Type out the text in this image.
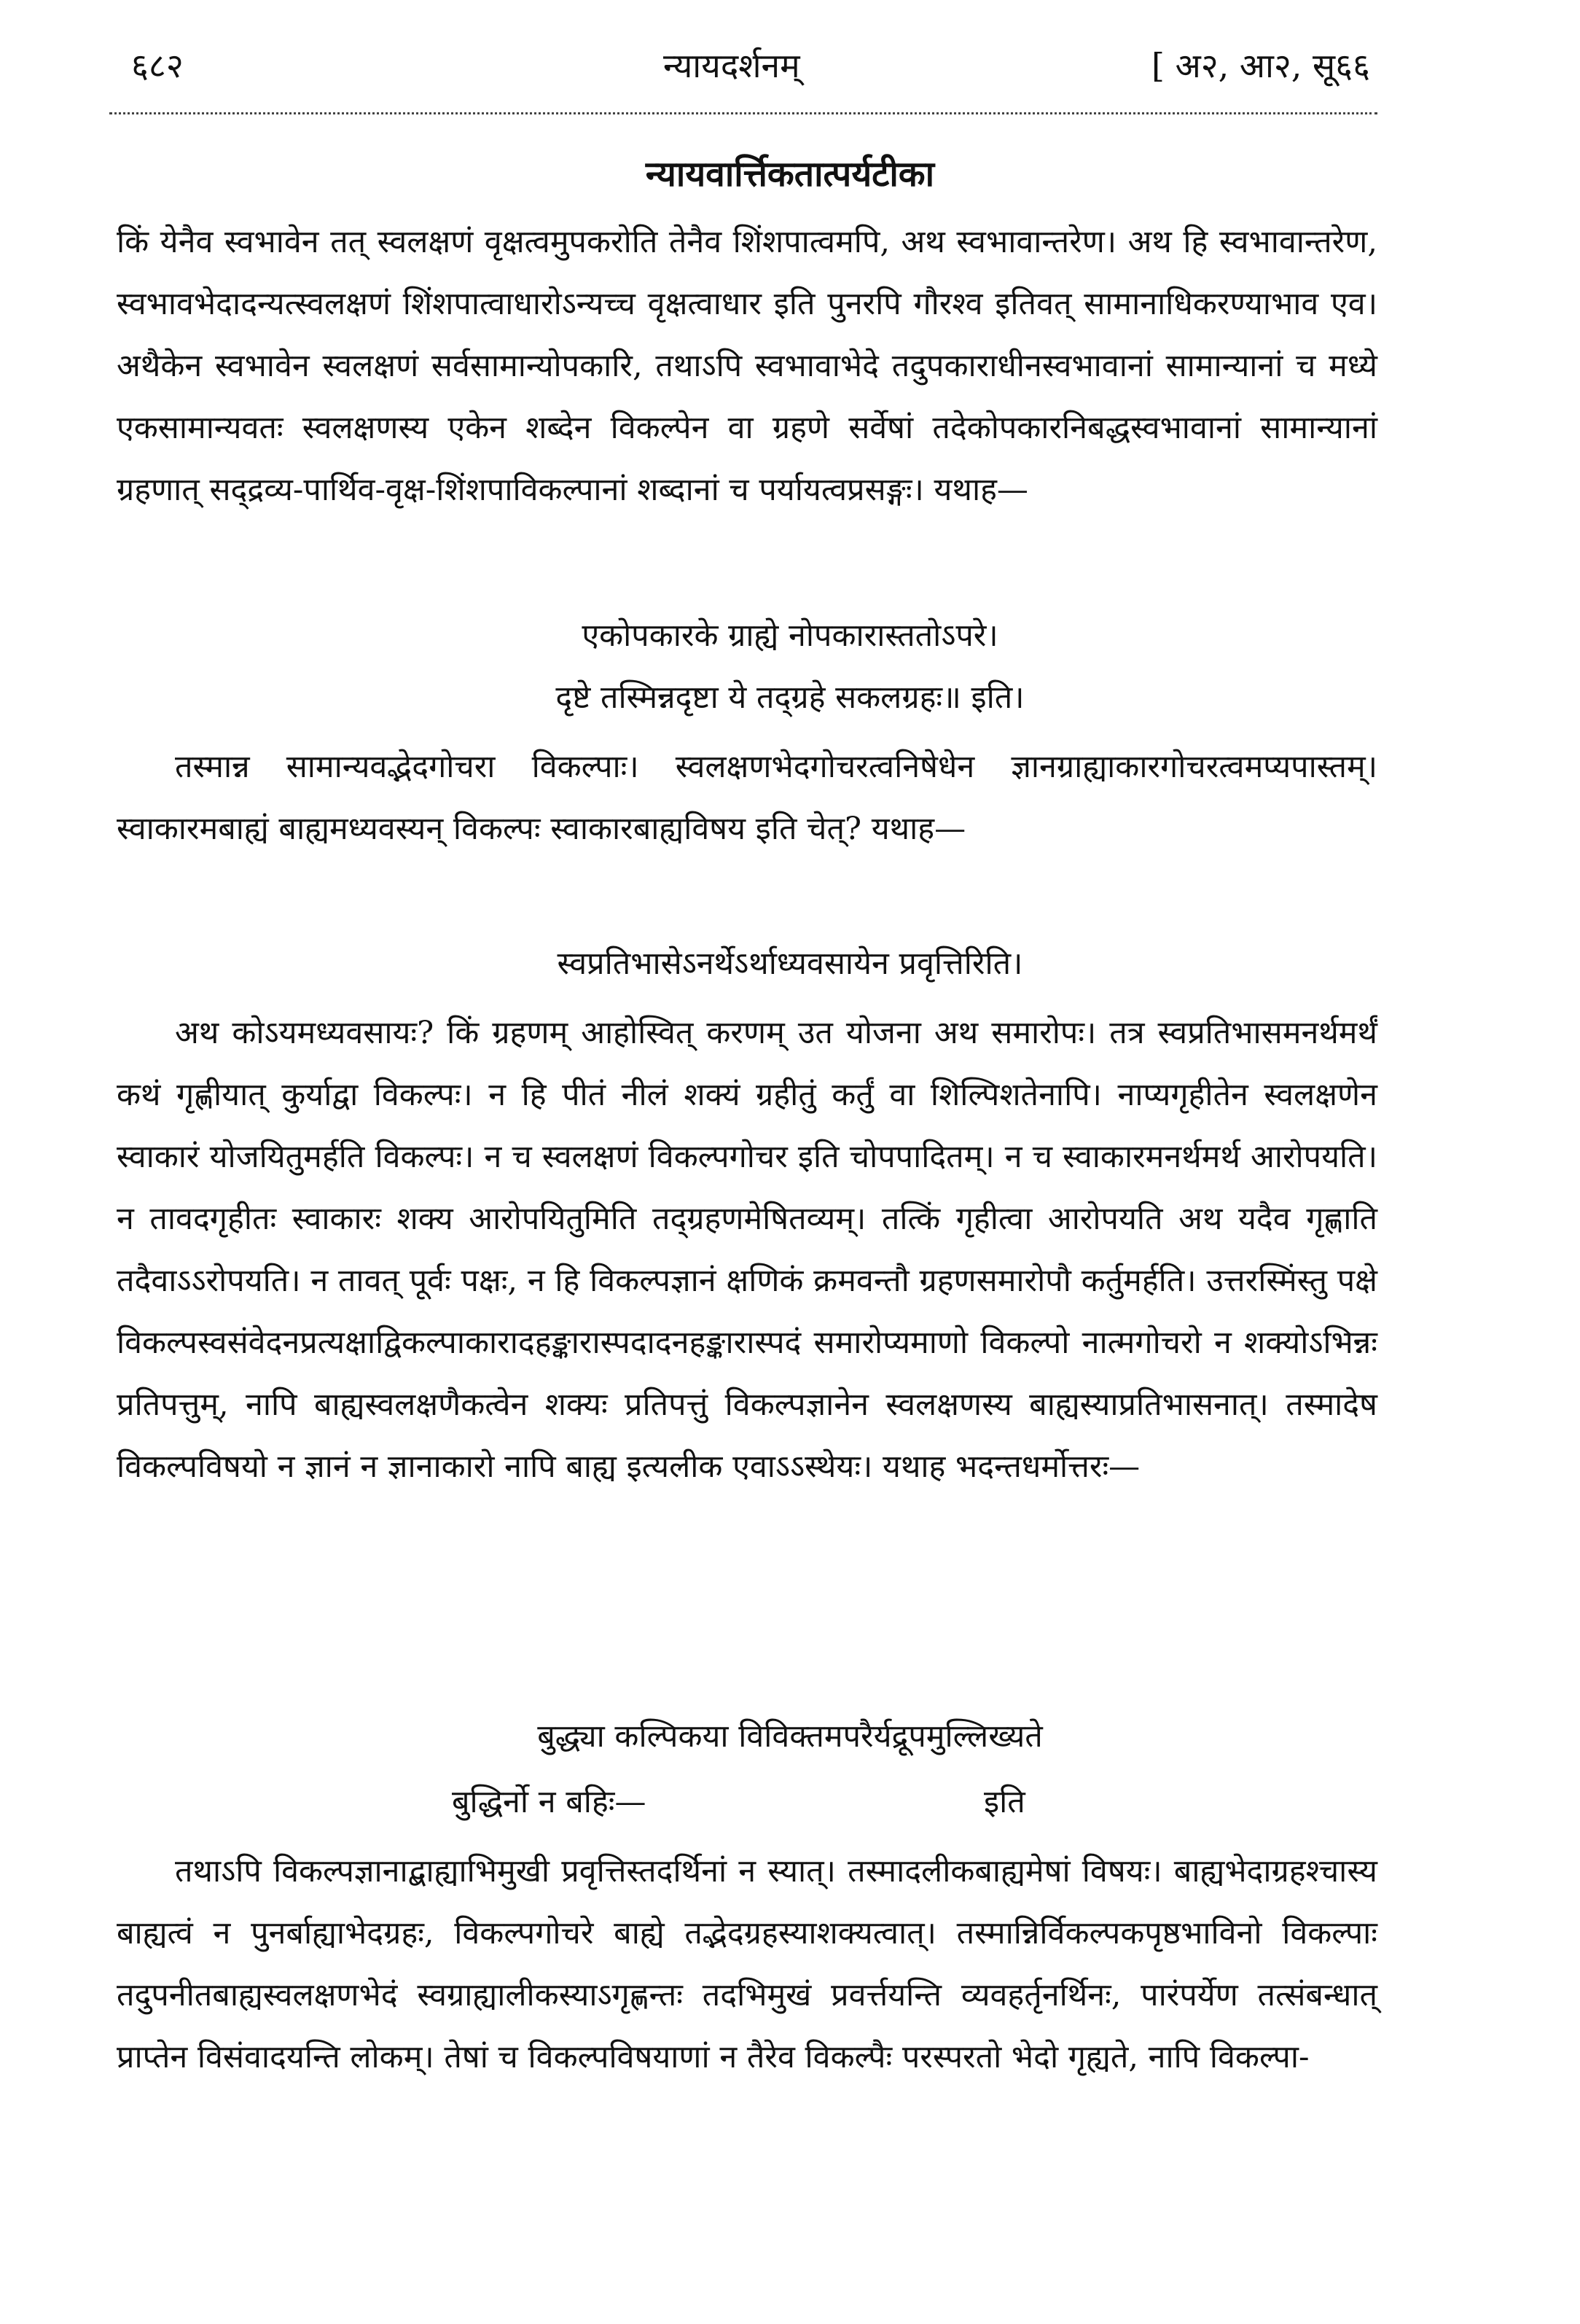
६८२	न्यायदर्शनम्	[ अ२, आ२, सू६६
न्यायवार्त्तिकतात्पर्यटीका

किं येनैव स्वभावेन तत् स्वलक्षणं वृक्षत्वमुपकरोति तेनैव शिंशपात्वमपि, अथ स्वभावान्तरेण। अथ हि स्वभावान्तरेण, स्वभावभेदादन्यत्स्वलक्षणं शिंशपात्वाधारोऽन्यच्च वृक्षत्वाधार इति पुनरपि गौरश्व इतिवत् सामानाधिकरण्याभाव एव। अथैकेन स्वभावेन स्वलक्षणं सर्वसामान्योपकारि, तथाऽपि स्वभावाभेदे तदुपकाराधीनस्वभावानां सामान्यानां च मध्ये एकसामान्यवतः स्वलक्षणस्य एकेन शब्देन विकल्पेन वा ग्रहणे सर्वेषां तदेकोपकारनिबद्धस्वभावानां सामान्यानां ग्रहणात् सद्द्रव्य-पार्थिव-वृक्ष-शिंशपाविकल्पानां शब्दानां च पर्यायत्वप्रसङ्गः। यथाह—

एकोपकारके ग्राह्ये नोपकारास्ततोऽपरे।
दृष्टे तस्मिन्नदृष्टा ये तद्ग्रहे सकलग्रहः॥ इति।

तस्मान्न सामान्यवद्भेदगोचरा विकल्पाः। स्वलक्षणभेदगोचरत्वनिषेधेन ज्ञानग्राह्याकारगोचरत्वमप्यपास्तम्। स्वाकारमबाह्यं बाह्यमध्यवस्यन् विकल्पः स्वाकारबाह्यविषय इति चेत्? यथाह—

स्वप्रतिभासेऽनर्थेऽर्थाध्यवसायेन प्रवृत्तिरिति।

अथ कोऽयमध्यवसायः? किं ग्रहणम् आहोस्वित् करणम् उत योजना अथ समारोपः। तत्र स्वप्रतिभासमनर्थमर्थं कथं गृह्णीयात् कुर्याद्वा विकल्पः। न हि पीतं नीलं शक्यं ग्रहीतुं कर्तुं वा शिल्पिशतेनापि। नाप्यगृहीतेन स्वलक्षणेन स्वाकारं योजयितुमर्हति विकल्पः। न च स्वलक्षणं विकल्पगोचर इति चोपपादितम्। न च स्वाकारमनर्थमर्थ आरोपयति। न तावदगृहीतः स्वाकारः शक्य आरोपयितुमिति तद्ग्रहणमेषितव्यम्। तत्किं गृहीत्वा आरोपयति अथ यदैव गृह्णाति तदैवाऽऽरोपयति। न तावत् पूर्वः पक्षः, न हि विकल्पज्ञानं क्षणिकं क्रमवन्तौ ग्रहणसमारोपौ कर्तुमर्हति। उत्तरस्मिंस्तु पक्षे विकल्पस्वसंवेदनप्रत्यक्षाद्विकल्पाकारादहङ्कारास्पदादनहङ्कारास्पदं समारोप्यमाणो विकल्पो नात्मगोचरो न शक्योऽभिन्नः प्रतिपत्तुम्, नापि बाह्यस्वलक्षणैकत्वेन शक्यः प्रतिपत्तुं विकल्पज्ञानेन स्वलक्षणस्य बाह्यस्याप्रतिभासनात्। तस्मादेष विकल्पविषयो न ज्ञानं न ज्ञानाकारो नापि बाह्य इत्यलीक एवाऽऽस्थेयः। यथाह भदन्तधर्मोत्तरः—

बुद्ध्या कल्पिकया विविक्तमपरैर्यद्रूपमुल्लिख्यते
बुद्धिर्नो न बहिः—	इति

तथाऽपि विकल्पज्ञानाद्बाह्याभिमुखी प्रवृत्तिस्तदर्थिनां न स्यात्। तस्मादलीकबाह्यमेषां विषयः। बाह्यभेदाग्रहश्चास्य बाह्यत्वं न पुनर्बाह्याभेदग्रहः, विकल्पगोचरे बाह्ये तद्भेदग्रहस्याशक्यत्वात्। तस्मान्निर्विकल्पकपृष्ठभाविनो विकल्पाः तदुपनीतबाह्यस्वलक्षणभेदं स्वग्राह्यालीकस्याऽगृह्णन्तः तदभिमुखं प्रवर्त्तयन्ति व्यवहर्तृनर्थिनः, पारंपर्येण तत्संबन्धात् प्राप्तेन विसंवादयन्ति लोकम्। तेषां च विकल्पविषयाणां न तैरेव विकल्पैः परस्परतो भेदो गृह्यते, नापि विकल्पा-
